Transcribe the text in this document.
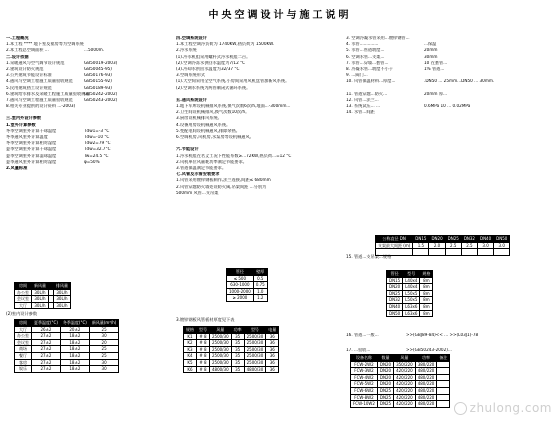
中央空调设计与施工说明
一.工程概况
1.本工程 **** 地下室及裙房等为空调系统
2.本工程总空调面积 ...	...5000m.
二.设计依据
1.采暖通风与空气调节设计规范	GB50019-2003)
2.建筑设计防火规范	GB50045-95)
3.公共建筑节能设计标准	GB50176-93)
4.通风与空调工程施工质量验收规范	GB50155-92)
5.民用建筑热工设计规范	GB50189-93)
6.建筑给水排水及采暖工程施工质量验收规范
GB50242-2002)
7.通风与空调工程施工质量验收规范	GB50243-2002)
8.相关专业提供的设计资料 ...-2003)
三.室内外设计参数
1.室外计算参数
冬季空调室外计算干球温度	Tdw1=-3 °C
冬季通风室外计算温度	Tdw=-10 °C
冬季空调室外计算相对湿度	Tdw2=79 °C
夏季空调室外计算干球温度	Tdw=32.7°C
夏季空调室外计算湿球温度	Tw=24.5 °C
夏季通风室外计算相对湿度	φ=50%
2.风量标准
四.空调系统设计
1.本工程空调冷负荷为 1740KW,热负荷为 1500KW.
2.冷水系统
(1).冷水机组采用螺杆式冷水机组二台。
(2).空调冷冻水供回水温度为7/12 °C
(3).冷却水供回水温度为32/37 °C
3.空调系统形式
(1).大空间采用全空气系统,小房间采用风机盘管加新风系统。
(2).空调水系统为两管制闭式循环系统。
五.通风系统设计
1.地下车库设机械排风系统,换气次数6次/h,地面...-300mm...
2.卫生间设机械排风,换气次数10次/h。
3.厨房设机械排风系统。
4.设备用房设机械通风系统。
5.变配电间设机械通风,排除余热。
6.空调机房,风机房,水泵房等设机械通风。
六.节能设计
1.冷水机组在名义工况下性能系数≥...72KW,热负荷...=12 °C
2.风机单位风量耗功率满足节能要求。
3.管道保温满足节能要求。
七.风管及水管安装要求
1.风管采用镀锌钢板制作,法兰连接,间距≤ 680mm
2.风管穿越防火墙处设防火阀,吊架间距 ...分别为
500mm 风管...支吊架
3. 空调冷凝水管采用...镀锌钢管...
4. 水管..............	...保温
5. 水管...管道坡度...	20mm
6. 空调水管...支架...	30mm
7. 水管...穿墙...套管...	10 在套管...
8. 冷凝水管...坡度不小于	1% 管道...
9. ...阀门...
10. 风管保温材料...厚度...	.DN50 ... 25mm...DN50 ... 30mm.
11. 管道穿越...防火...	20mm 厚...
12. 风管...法兰...
13. 系统试压... ...	0.6MPa 10 ... 0.02MPa
14. 水管...间距
房间	新风量		排风量
办公室	30L/h		30L/h
会议室	30L/h		30L/h
大厅	30L/h		30L/h
(2)室内设计参数
房间	夏季温度(°C)	冬季温度(°C)	新风量(m³/h)
大厅	26±2	20±2	25
办公室	27±2	18±2	30
会议室	27±2	18±2	20
商场	27±2	18±2	25
餐厅	27±2	18±2	25
客房	27±2	18±2	30
娱乐	27±2	18±2	30
管径	壁厚
≤ 500	0.5
630-1000	0.75
1000-2000	1.0
≥ 2000	1.2
3.镀锌钢板风管板材厚度见下表
规格	型号	风量	功率	型号	电量
K1	# 8	2500/30	35	2500/30	36
K2	# 8	2500/30	35	2500/30	36
K3	# 8	2500/30	35	2500/30	36
K4	# 8	2500/30	35	2500/30	36
K5	# 8	2500/30	35	2500/30	36
K6	# 8	4800/30	35	4800/30	36
公称直径 DN	DN15	DN20	DN25	DN32	DN40	DN50
支架最大间距 (m)	1.5	2.0	2.5	2.5	3.0	3.0

15. 管道...支吊架...规格
管径	型号	规格
DN15	L40x4	8m
DN20	L40x4	8m
DN25	L50x5	8m
DN32	L50x5	8m
DN40	L63x6	8m
DN50	L63x6	8m
16. 管道...一般...	>>(GBJ89-84)<< ... >>(L03J1)-78
17. ...验收...	>>(GB50243-2002)...
设备名称	数量	风量	功率	备注
FCW-2W2	DN20	350/220	380/220	
FCW-3W2	DN20	420/220	480/220	
FCW-4W2	DN20	420/220	480/220	
FCW-5W2	DN20	420/220	480/220	
FCW-6W2	DN25	420/220	480/220	
FCW-8W2	DN25	420/220	480/220	
FCW-10W2	DN25	420/220	480/220		zhulong.com
